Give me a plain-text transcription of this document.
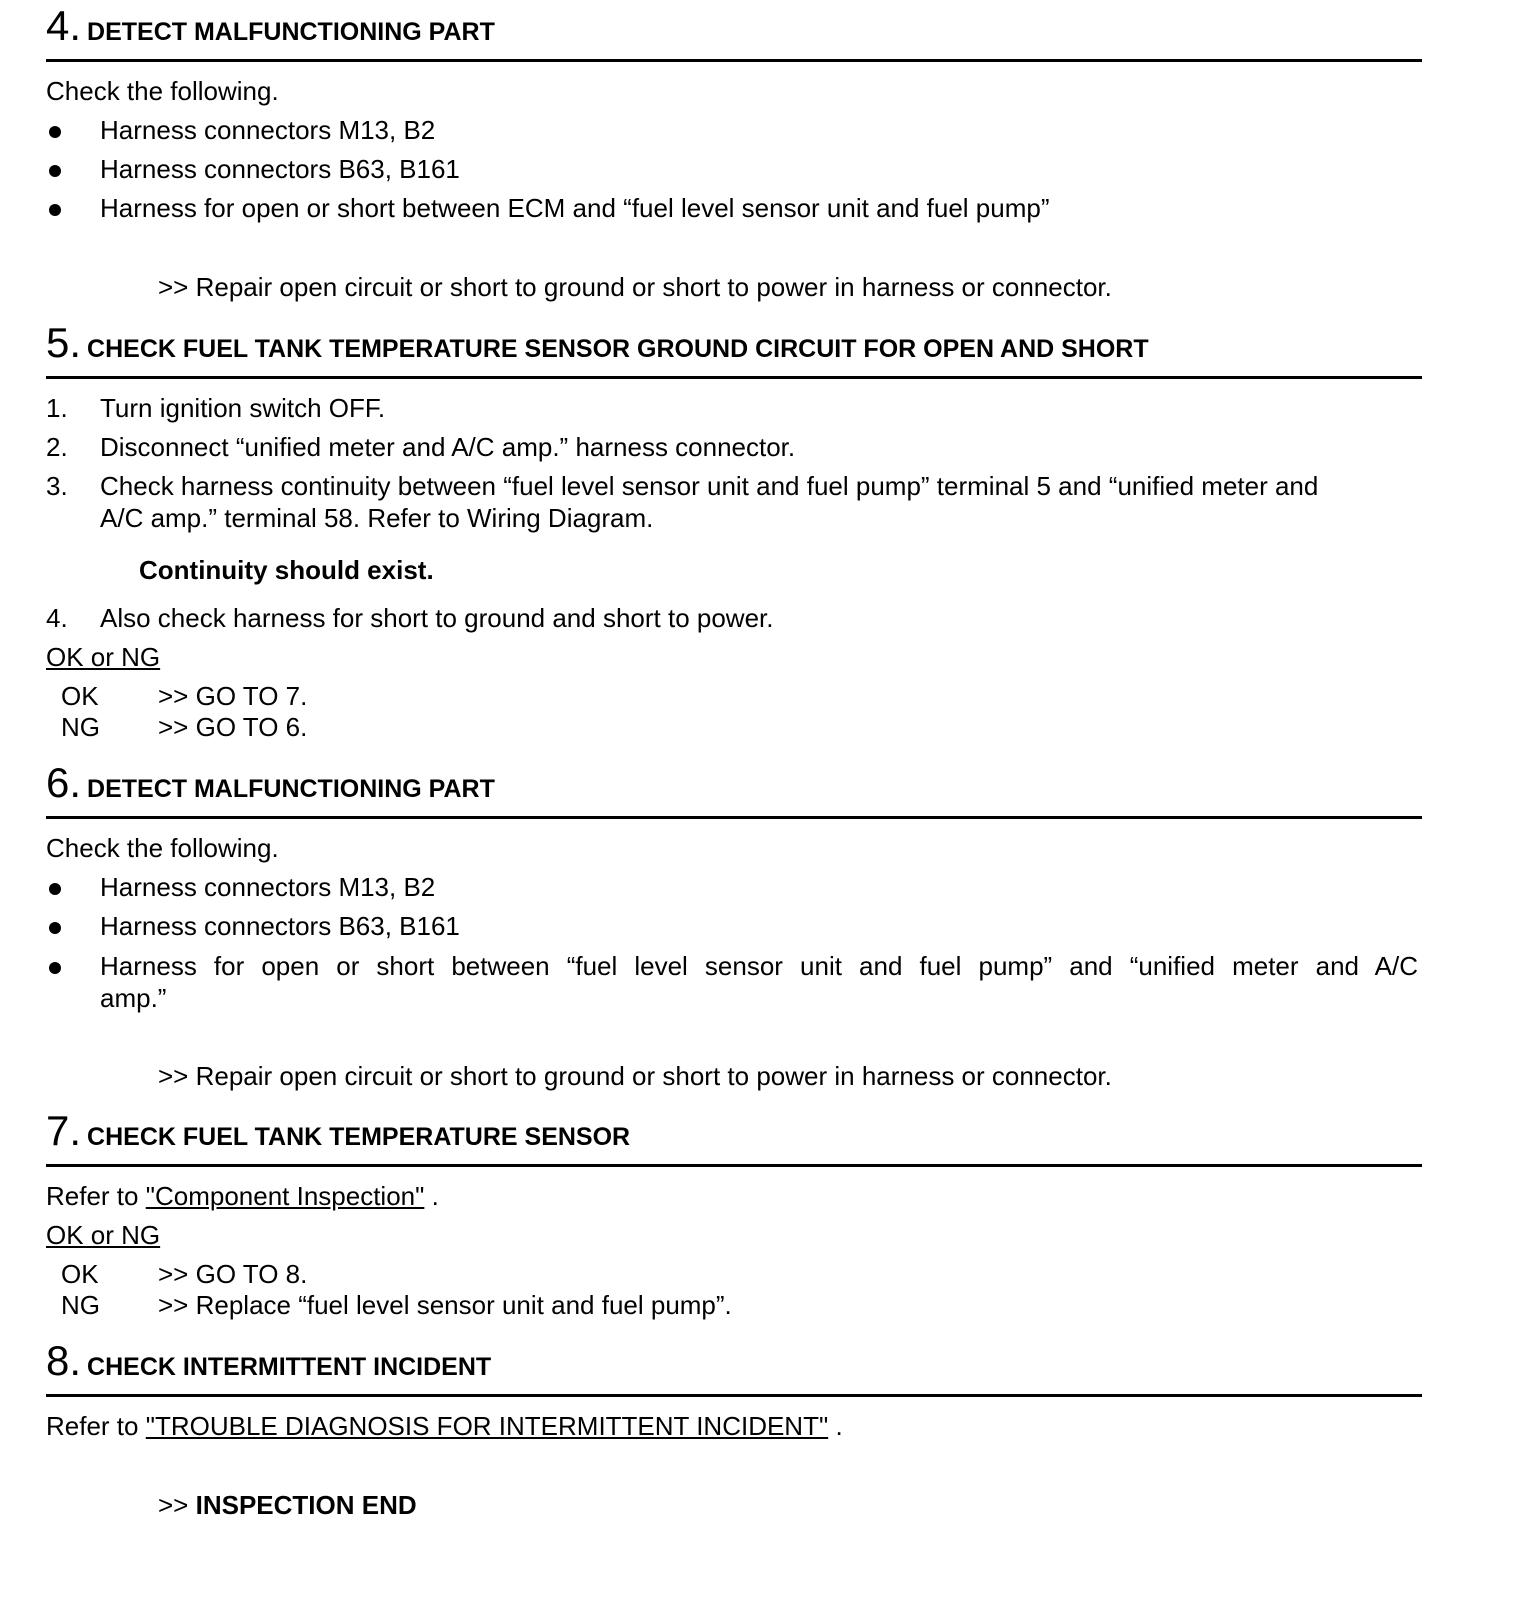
4. DETECT MALFUNCTIONING PART
Check the following.
Harness connectors M13, B2
Harness connectors B63, B161
Harness for open or short between ECM and “fuel level sensor unit and fuel pump”
>> Repair open circuit or short to ground or short to power in harness or connector.
5. CHECK FUEL TANK TEMPERATURE SENSOR GROUND CIRCUIT FOR OPEN AND SHORT
1. Turn ignition switch OFF.
2. Disconnect “unified meter and A/C amp.” harness connector.
3. Check harness continuity between “fuel level sensor unit and fuel pump” terminal 5 and “unified meter and
A/C amp.” terminal 58. Refer to Wiring Diagram.
Continuity should exist.
4. Also check harness for short to ground and short to power.
OK or NG
OK >> GO TO 7.
NG >> GO TO 6.
6. DETECT MALFUNCTIONING PART
Check the following.
Harness connectors M13, B2
Harness connectors B63, B161
Harness for open or short between “fuel level sensor unit and fuel pump” and “unified meter and A/C
amp.”
>> Repair open circuit or short to ground or short to power in harness or connector.
7. CHECK FUEL TANK TEMPERATURE SENSOR
Refer to "Component Inspection" .
OK or NG
OK >> GO TO 8.
NG >> Replace “fuel level sensor unit and fuel pump”.
8. CHECK INTERMITTENT INCIDENT
Refer to "TROUBLE DIAGNOSIS FOR INTERMITTENT INCIDENT" .
>> INSPECTION END
